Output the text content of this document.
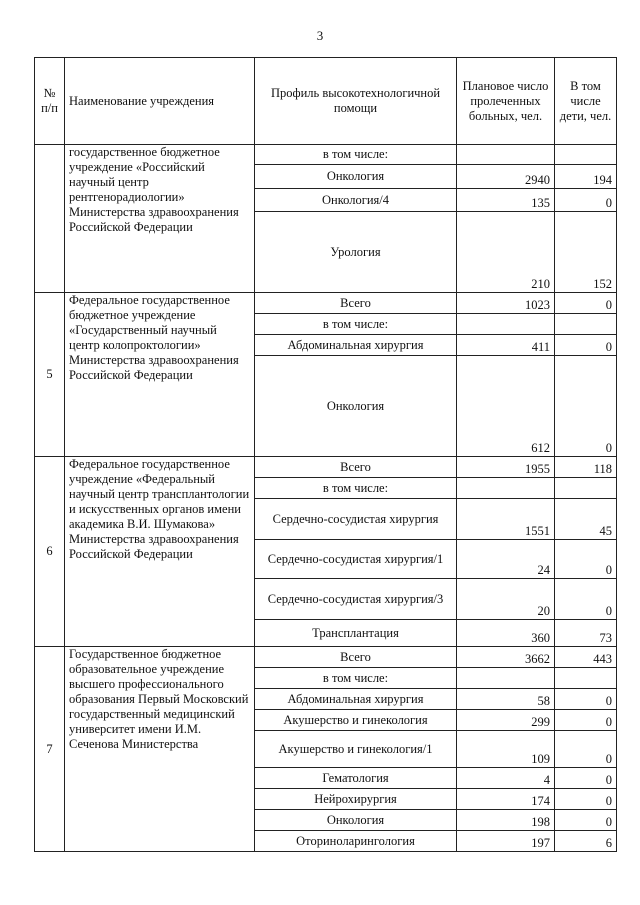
3
№ п/п	Наименование учреждения	Профиль высокотехнологичной помощи	Плановое число пролеченных больных, чел.	В том числе дети, чел.
	государственное бюджетное учреждение «Российский научный центр рентгенорадиологии» Министерства здравоохранения Российской Федерации	в том числе:		
		Онкология	2940	194
		Онкология/4	135	0
		Урология	210	152
5	Федеральное государственное бюджетное учреждение «Государственный научный центр колопроктологии» Министерства здравоохранения Российской Федерации	Всего	1023	0
		в том числе:		
		Абдоминальная хирургия	411	0
		Онкология	612	0
6	Федеральное государственное учреждение «Федеральный научный центр трансплантологии и искусственных органов имени академика В.И. Шумакова» Министерства здравоохранения Российской Федерации	Всего	1955	118
		в том числе:		
		Сердечно-сосудистая хирургия	1551	45
		Сердечно-сосудистая хирургия/1	24	0
		Сердечно-сосудистая хирургия/3	20	0
		Трансплантация	360	73
7	Государственное бюджетное образовательное учреждение высшего профессионального образования Первый Московский государственный медицинский университет имени И.М. Сеченова Министерства	Всего	3662	443
		в том числе:		
		Абдоминальная хирургия	58	0
		Акушерство и гинекология	299	0
		Акушерство и гинекология/1	109	0
		Гематология	4	0
		Нейрохирургия	174	0
		Онкология	198	0
		Оториноларингология	197	6
